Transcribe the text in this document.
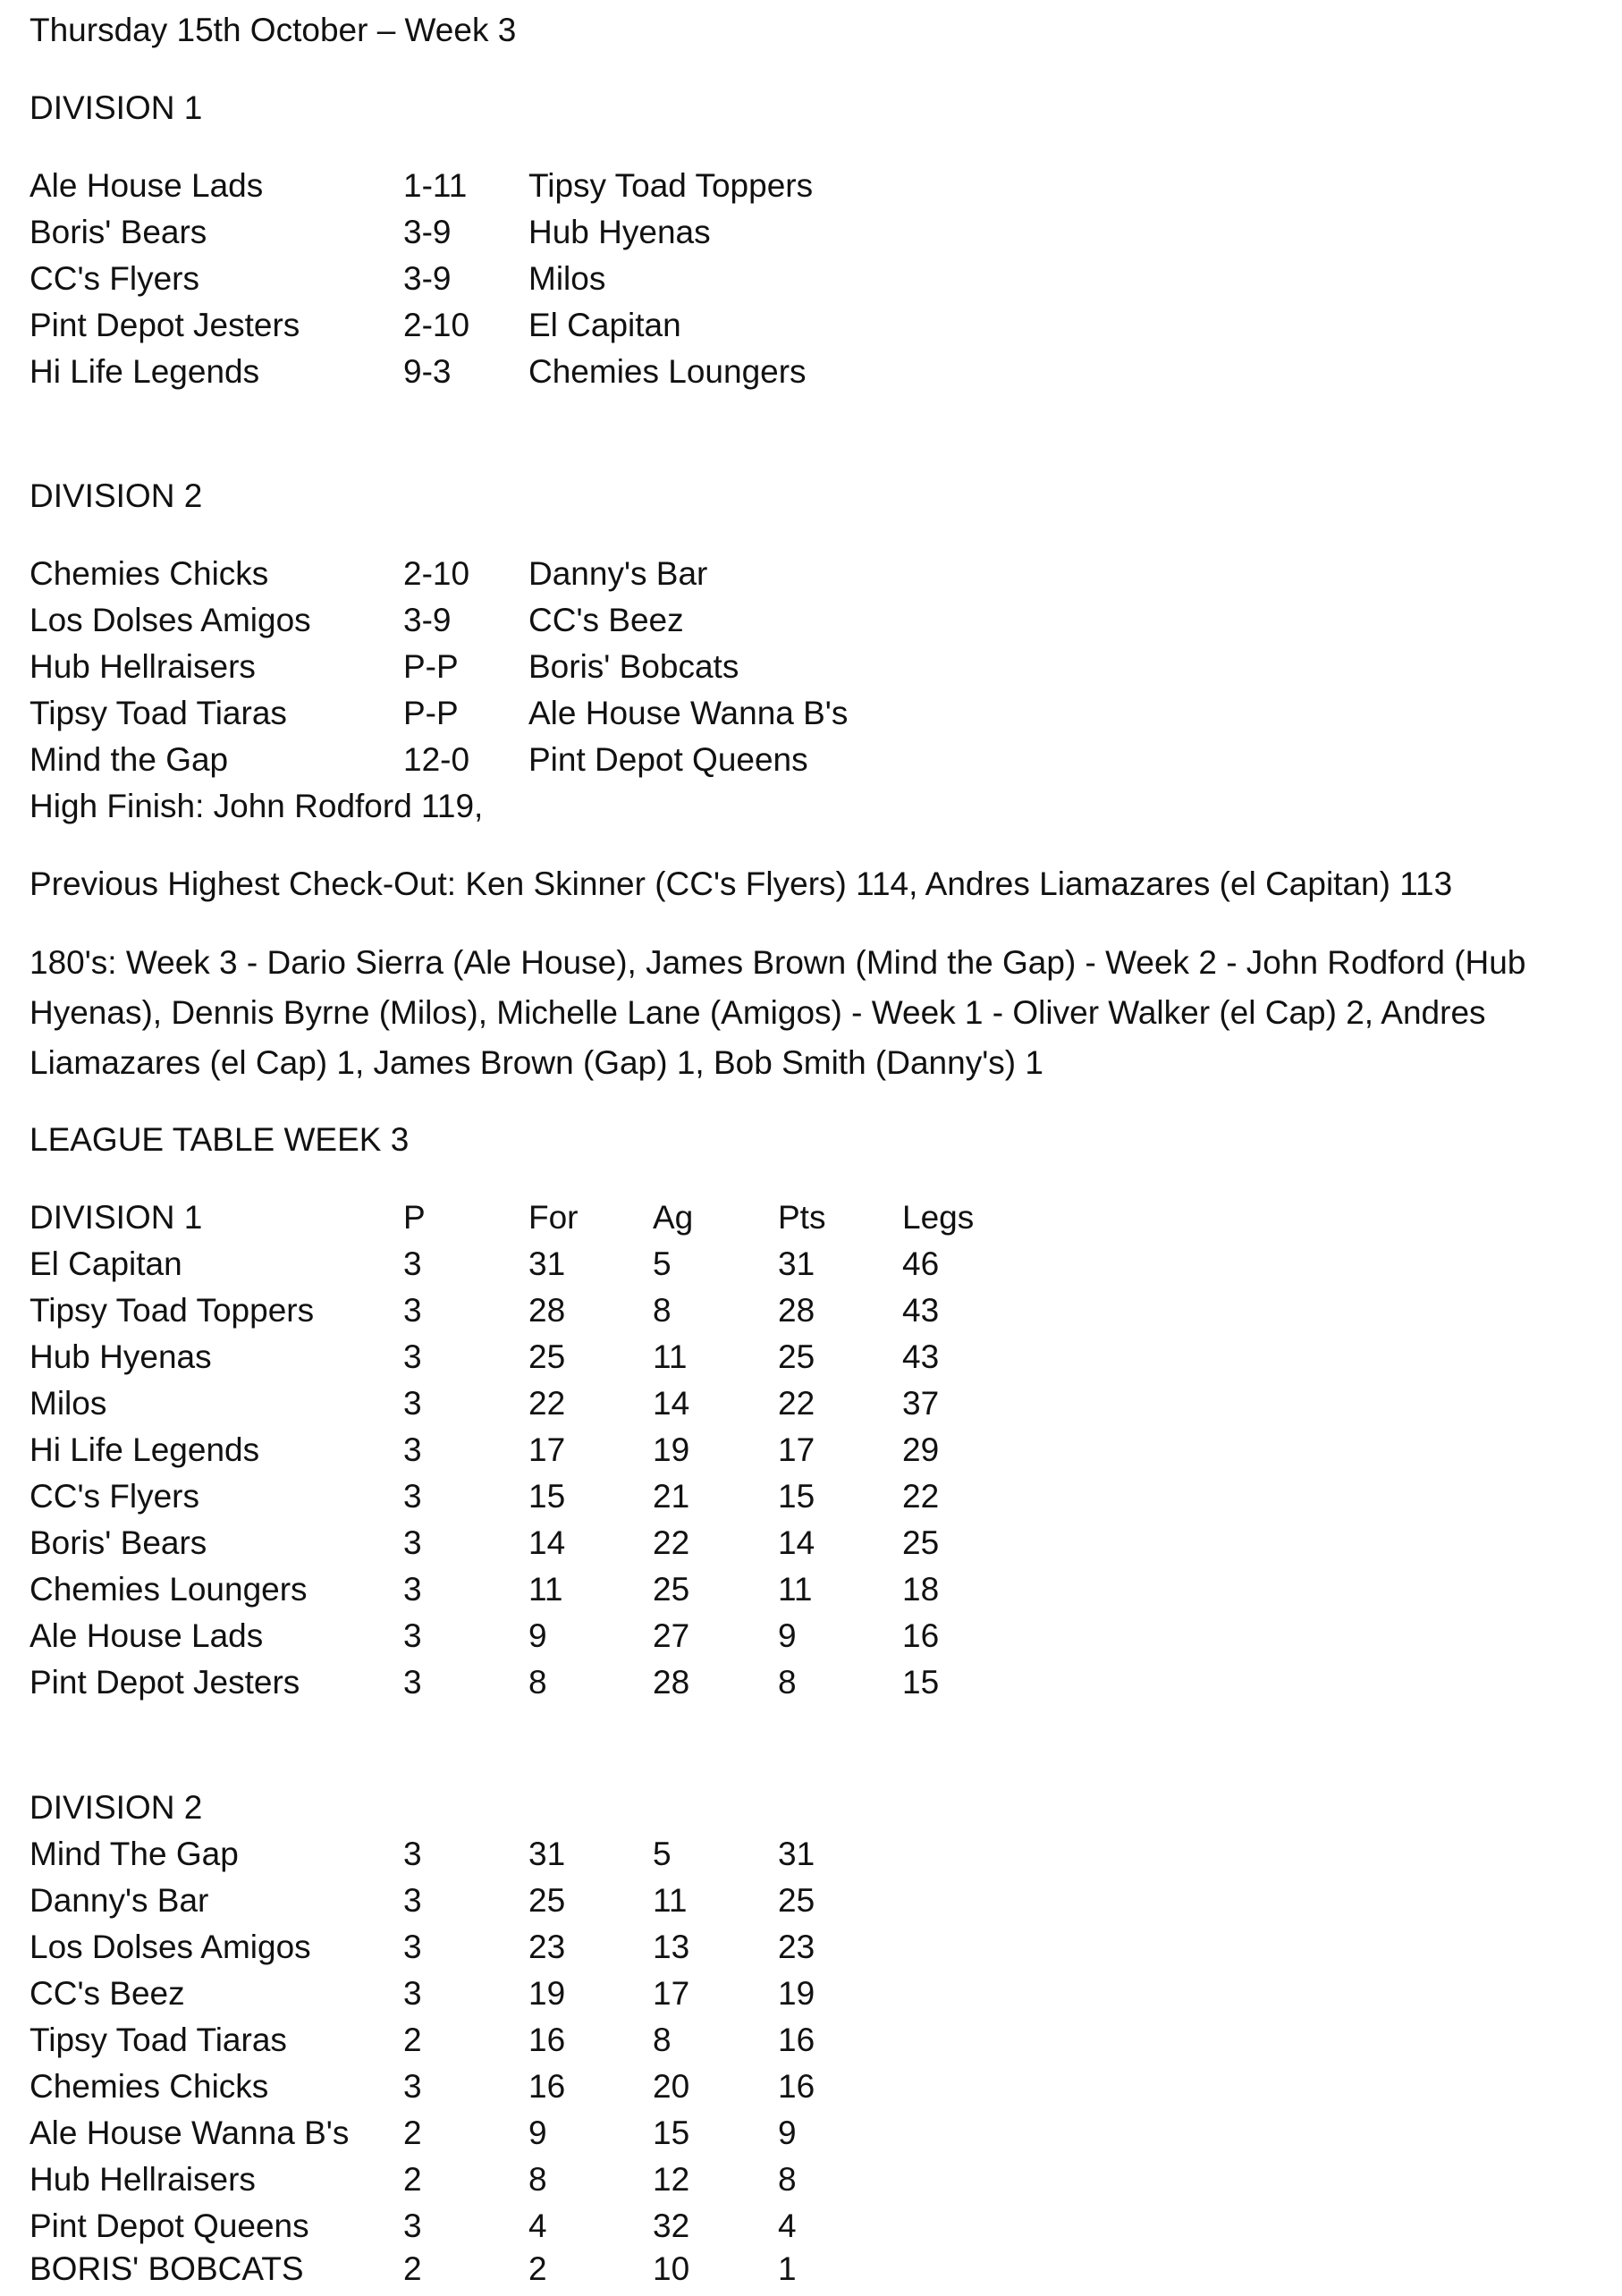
Thursday 15th October – Week 3
DIVISION 1
Ale House Lads	1-11 Tipsy Toad Toppers
Boris' Bears	3-9 Hub Hyenas
CC's Flyers	3-9 Milos
Pint Depot Jesters	2-10 El Capitan
Hi Life Legends	9-3 Chemies Loungers
DIVISION 2
Chemies Chicks	2-10 Danny's Bar
Los Dolses Amigos	3-9 CC's Beez
Hub Hellraisers	P-P Boris' Bobcats
Tipsy Toad Tiaras	P-P Ale House Wanna B's
Mind the Gap	12-0 Pint Depot Queens
High Finish: John Rodford 119,
Previous Highest Check-Out: Ken Skinner (CC's Flyers) 114, Andres Liamazares (el Capitan) 113
180's: Week 3 - Dario Sierra (Ale House), James Brown (Mind the Gap) - Week 2 - John Rodford (Hub Hyenas), Dennis Byrne (Milos), Michelle Lane (Amigos) - Week 1 - Oliver Walker (el Cap) 2, Andres Liamazares (el Cap) 1, James Brown (Gap) 1, Bob Smith (Danny's) 1
LEAGUE TABLE WEEK 3
DIVISION 1	P	For Ag	Pts Legs
El Capitan	3	31	5	31	46
Tipsy Toad Toppers	3	28	8	28	43
Hub Hyenas	3	25	11	25	43
Milos	3	22	14	22	37
Hi Life Legends	3	17	19	17	29
CC's Flyers	3	15	21	15	22
Boris' Bears	3	14	22	14	25
Chemies Loungers	3	11	25	11	18
Ale House Lads	3	9	27	9	16
Pint Depot Jesters	3	8	28	8	15
DIVISION 2
Mind The Gap	3	31	5	31
Danny's Bar	3	25	11	25
Los Dolses Amigos	3	23	13	23
CC's Beez	3	19	17	19
Tipsy Toad Tiaras	2	16	8	16
Chemies Chicks	3	16	20	16
Ale House Wanna B's 2	9	15	9
Hub Hellraisers	2	8	12	8
Pint Depot Queens	3	4	32	4
BORIS' BOBCATS	2	2	10	1
